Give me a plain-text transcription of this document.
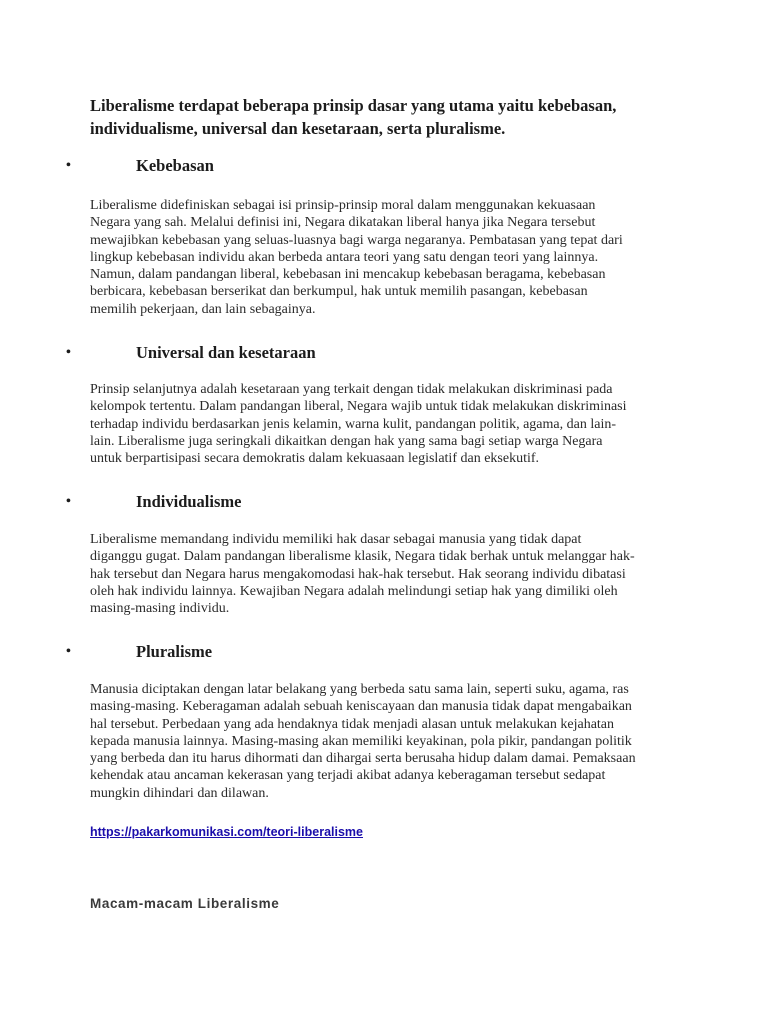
Liberalisme terdapat beberapa prinsip dasar yang utama yaitu kebebasan,
individualisme, universal dan kesetaraan, serta pluralisme.

•	Kebebasan

Liberalisme didefiniskan sebagai isi prinsip-prinsip moral dalam menggunakan kekuasaan
Negara yang sah. Melalui definisi ini, Negara dikatakan liberal hanya jika Negara tersebut
mewajibkan kebebasan yang seluas-luasnya bagi warga negaranya. Pembatasan yang tepat dari
lingkup kebebasan individu akan berbeda antara teori yang satu dengan teori yang lainnya.
Namun, dalam pandangan liberal, kebebasan ini mencakup kebebasan beragama, kebebasan
berbicara, kebebasan berserikat dan berkumpul, hak untuk memilih pasangan, kebebasan
memilih pekerjaan, dan lain sebagainya.

•	Universal dan kesetaraan

Prinsip selanjutnya adalah kesetaraan yang terkait dengan tidak melakukan diskriminasi pada
kelompok tertentu. Dalam pandangan liberal, Negara wajib untuk tidak melakukan diskriminasi
terhadap individu berdasarkan jenis kelamin, warna kulit, pandangan politik, agama, dan lain-
lain. Liberalisme juga seringkali dikaitkan dengan hak yang sama bagi setiap warga Negara
untuk berpartisipasi secara demokratis dalam kekuasaan legislatif dan eksekutif.

•	Individualisme

Liberalisme memandang individu memiliki hak dasar sebagai manusia yang tidak dapat
diganggu gugat. Dalam pandangan liberalisme klasik, Negara tidak berhak untuk melanggar hak-
hak tersebut dan Negara harus mengakomodasi hak-hak tersebut. Hak seorang individu dibatasi
oleh hak individu lainnya. Kewajiban Negara adalah melindungi setiap hak yang dimiliki oleh
masing-masing individu.

•	Pluralisme

Manusia diciptakan dengan latar belakang yang berbeda satu sama lain, seperti suku, agama, ras
masing-masing. Keberagaman adalah sebuah keniscayaan dan manusia tidak dapat mengabaikan
hal tersebut. Perbedaan yang ada hendaknya tidak menjadi alasan untuk melakukan kejahatan
kepada manusia lainnya. Masing-masing akan memiliki keyakinan, pola pikir, pandangan politik
yang berbeda dan itu harus dihormati dan dihargai serta berusaha hidup dalam damai. Pemaksaan
kehendak atau ancaman kekerasan yang terjadi akibat adanya keberagaman tersebut sedapat
mungkin dihindari dan dilawan.

https://pakarkomunikasi.com/teori-liberalisme

Macam-macam Liberalisme
